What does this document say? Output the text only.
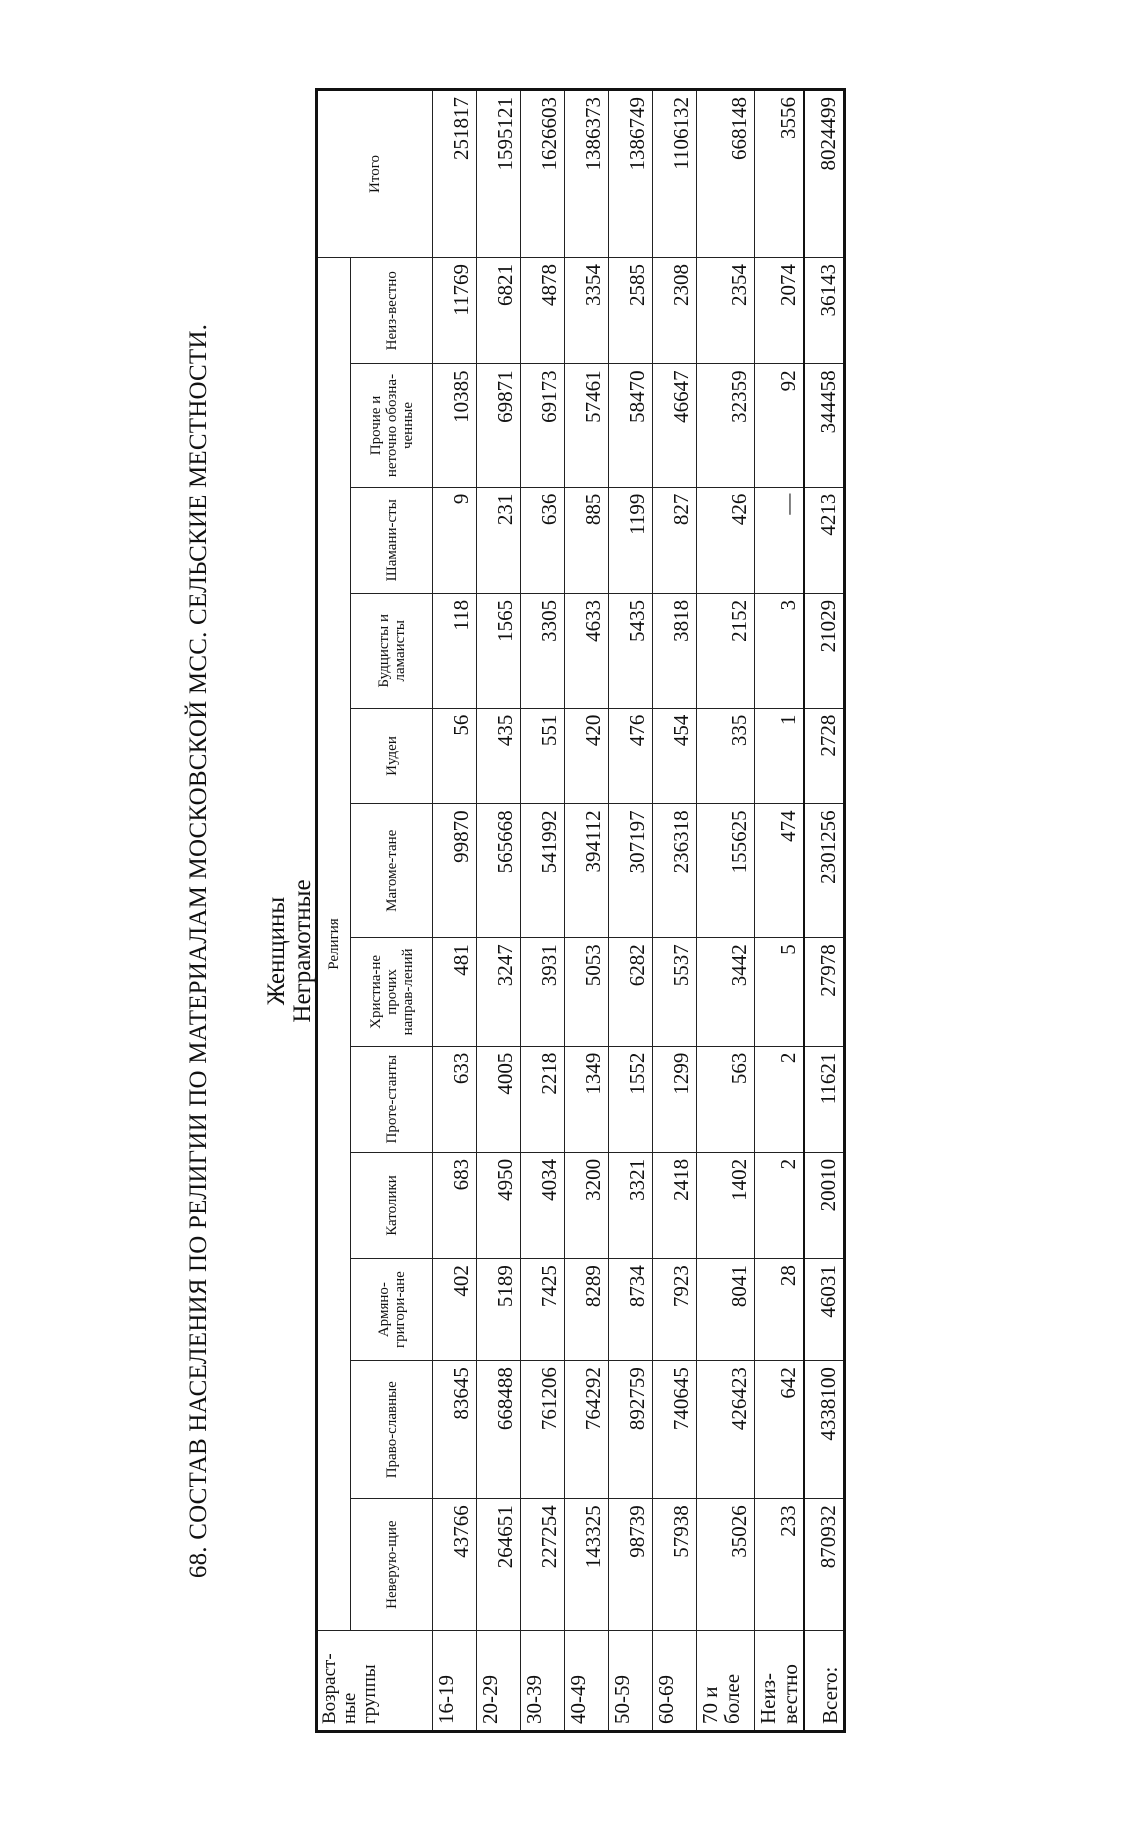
68. СОСТАВ НАСЕЛЕНИЯ ПО РЕЛИГИИ ПО МАТЕРИАЛАМ МОСКОВСКОЙ МСС. СЕЛЬСКИЕ МЕСТНОСТИ. Женщины Неграмотные
Возраст-ные группы	Религия												Итого
	Неверую-щие	Право-славные	Армяно-григори-ане	Католики	Проте-станты	Христиа-не прочих направ-лений	Магоме-тане	Иудеи	Будцисты и ламаисты	Шамани-сты	Прочие и неточно обозна-ченные	Неиз-вестно	
16-19	43766	83645	402	683	633	481	99870	56	118	9	10385	11769	251817
20-29	264651	668488	5189	4950	4005	3247	565668	435	1565	231	69871	6821	1595121
30-39	227254	761206	7425	4034	2218	3931	541992	551	3305	636	69173	4878	1626603
40-49	143325	764292	8289	3200	1349	5053	394112	420	4633	885	57461	3354	1386373
50-59	98739	892759	8734	3321	1552	6282	307197	476	5435	1199	58470	2585	1386749
60-69	57938	740645	7923	2418	1299	5537	236318	454	3818	827	46647	2308	1106132
70 и более	35026	426423	8041	1402	563	3442	155625	335	2152	426	32359	2354	668148
Неиз-вестно	233	642	28	2	2	5	474	1	3	—	92	2074	3556
Всего:	870932	4338100	46031	20010	11621	27978	2301256	2728	21029	4213	344458	36143	8024499
